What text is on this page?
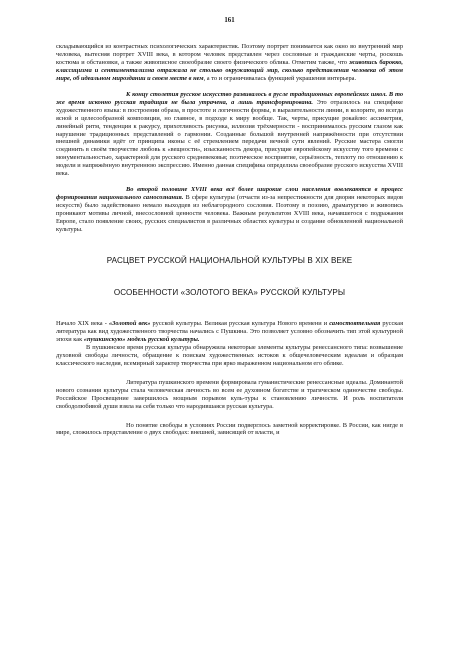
161

складывающийся из контрастных психологических характеристик. Поэтому портрет понимается как окно во внутренний мир человека, вытесняя портрет XVIII века, в котором человек представлен через сословные и гражданские черты, роскошь костюма и обстановки, а также живописное своеобразие своего физического облика. Отметим также, что живопись барокко, классицизма и сентиментализма отражала не столько окружающий мир, сколько представления человека об этом мире, об идеальном мироздании и своем месте в нем, а то и ограничивалась функцией украшения интерьера.

К концу столетия русское искусство развивалось в русле традиционных европейских школ. В то же время исконно русская традиция не была утрачена, а лишь трансформирована. Это отразилось на специфике художественного языка: в построении образа, в простоте и логичности формы, в выразительности линии, в колорите, во всегда ясной и целесообразной композиции, но главное, в подходе к миру вообще. Так, черты, присущие рокайлю: ассиметрия, линейный ритм, тенденция к ракурсу, прихотливость рисунка, иллюзия трёхмерности - воспринималось русским глазом как нарушение традиционных представлений о гармонии. Созданные большой внутренней напряжённости при отсутствии внешней динамики идёт от принципа иконы с её стремлением передачи вечной сути явлений. Русские мастера смогли соединить в своём творчестве любовь к «вещности», изысканность декора, присущие европейскому искусству того времени с монументальностью, характерной для русского средневековья; поэтическое восприятие, серьёзность, теплоту по отношению к модели и напряжённую внутреннюю экспрессию. Именно данная специфика определила своеобразие русского искусства XVIII века.

Во второй половине XVIII века всё более широкие слои населения вовлекаются в процесс формирования национального самосознания. В сфере культуры (отчасти из-за непрестижности для дворян некоторых видов искусств) было задействовано немало выходцев из неблагородного сословия. Поэтому в поэзию, драматургию и живопись проникают мотивы личной, внесословной ценности человека. Важным результатом XVIII века, начавшегося с подражания Европе, стало появление своих, русских специалистов в различных областях культуры и создание обновленной национальной культуры.

РАСЦВЕТ РУССКОЙ НАЦИОНАЛЬНОЙ КУЛЬТУРЫ В XIX ВЕКЕ
ОСОБЕННОСТИ «ЗОЛОТОГО ВЕКА» РУССКОЙ КУЛЬТУРЫ

Начало XIX века - «Золотой век» русской культуры. Великая русская культура Нового времени и самостоятельная русская литература как вид художественного творчества начались с Пушкина. Это позволяет условно обозначить тип этой культурной эпохи как «пушкинскую» модель русской культуры.

В пушкинское время русская культура обнаружила некоторые элементы культуры ренессансного типа: возвышение духовной свободы личности, обращение к поискам художественных истоков к общечеловеческим идеалам и образцам классического наследия, всемирный характер творчества при ярко выраженном национальном его облике.

Литература пушкинского времени формировала гуманистические ренессансные идеалы. Доминантой нового сознания культуры стала человеческая личность во всем ее духовном богатстве и трагическом одиночестве свободы. Российское Просвещение завершилось мощным порывом куль-туры к становлению личности. И роль воспитателя свободолюбивой души взяла на себя только что народившаяся русская культура.

Но понятие свободы в условиях России подверглось заметной корректировке. В России, как нигде в мире, сложилось представление о двух свободах: внешней, зависящей от власти, и
